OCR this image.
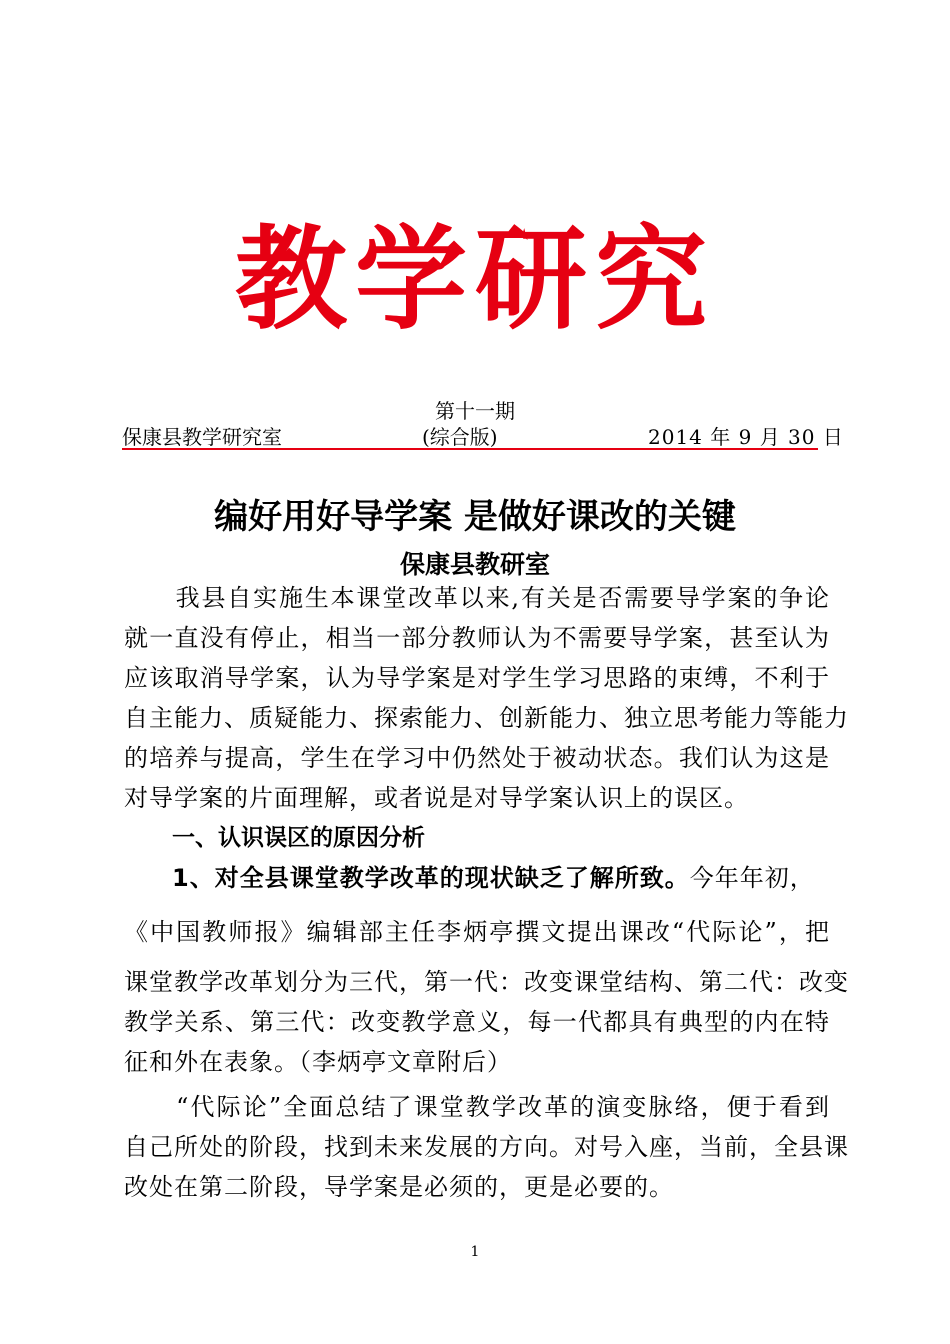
教学研究
第十一期
保康县教学研究室	(综合版)	2014 年 9 月 30 日
编好用好导学案 是做好课改的关键
保康县教研室
　　我县自实施生本课堂改革以来,有关是否需要导学案的争论
就一直没有停止，相当一部分教师认为不需要导学案，甚至认为
应该取消导学案，认为导学案是对学生学习思路的束缚，不利于
自主能力、质疑能力、探索能力、创新能力、独立思考能力等能力
的培养与提高，学生在学习中仍然处于被动状态。我们认为这是
对导学案的片面理解，或者说是对导学案认识上的误区。
一、认识误区的原因分析
1、对全县课堂教学改革的现状缺乏了解所致。今年年初，
《中国教师报》编辑部主任李炳亭撰文提出课改“代际论”，把
课堂教学改革划分为三代，第一代：改变课堂结构、第二代：改变
教学关系、第三代：改变教学意义，每一代都具有典型的内在特
征和外在表象。（李炳亭文章附后）
　　“代际论”全面总结了课堂教学改革的演变脉络，便于看到
自己所处的阶段，找到未来发展的方向。对号入座，当前，全县课
改处在第二阶段，导学案是必须的，更是必要的。
1
